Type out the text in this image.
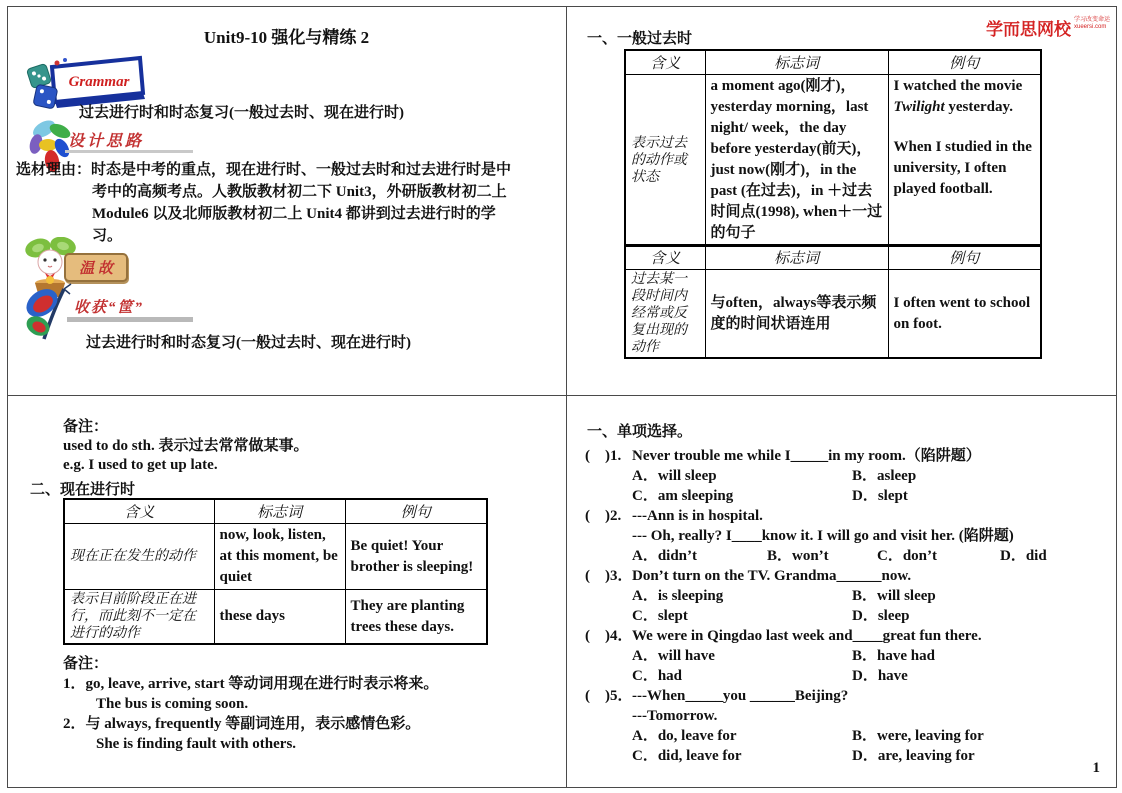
Unit9-10 强化与精练 2
Grammar
过去进行时和时态复习(一般过去时、现在进行时)
设计思路
选材理由：时态是中考的重点，现在进行时、一般过去时和过去进行时是中
考中的高频考点。人教版教材初二下 Unit3，外研版教材初二上
Module6 以及北师版教材初二上 Unit4 都讲到过去进行时的学
习。
温 故
收获“筐”
过去进行时和时态复习(一般过去时、现在进行时)
学而思网校 学习改变命运
xueersi.com
一、一般过去时
含义	标志词	例句
表示过去的动作或状态	a moment ago(刚才)，yesterday morning，last night/ week，the day before yesterday(前天)，just now(刚才)，in the past (在过去)，in ＋过去时间点(1998), when＋一过的句子	I watched the movie Twilight yesterday.
When I studied in the university, I often played football.
含义	标志词	例句
过去某一段时间内经常或反复出现的动作	与often，always等表示频度的时间状语连用	I often went to school on foot.
备注：
used to do sth. 表示过去常常做某事。
e.g. I used to get up late.
二、现在进行时
含义	标志词	例句
现在正在发生的动作	now, look, listen, at this moment, be quiet	Be quiet! Your brother is sleeping!
表示目前阶段正在进行，而此刻不一定在进行的动作	these days	They are planting trees these days.
备注：
1．go, leave, arrive, start 等动词用现在进行时表示将来。
The bus is coming soon.
2．与 always, frequently 等副词连用，表示感情色彩。
She is finding fault with others.
一、单项选择。
(　)1. Never trouble me while I_____in my room.（陷阱题）
A．will sleep	B．asleep
C．am sleeping	D．slept
(　)2. ---Ann is in hospital.
--- Oh, really? I____know it. I will go and visit her. (陷阱题)
A．didn’t	B．won’t	C．don’t	D．did
(　)3．Don’t turn on the TV. Grandma______now.
A．is sleeping	B．will sleep
C．slept	D．sleep
(　)4．We were in Qingdao last week and____great fun there.
A．will have	B．have had
C．had	D．have
(　)5．---When_____you ______Beijing?
---Tomorrow.
A．do, leave for	B．were, leaving for
C．did, leave for	D．are, leaving for
1
